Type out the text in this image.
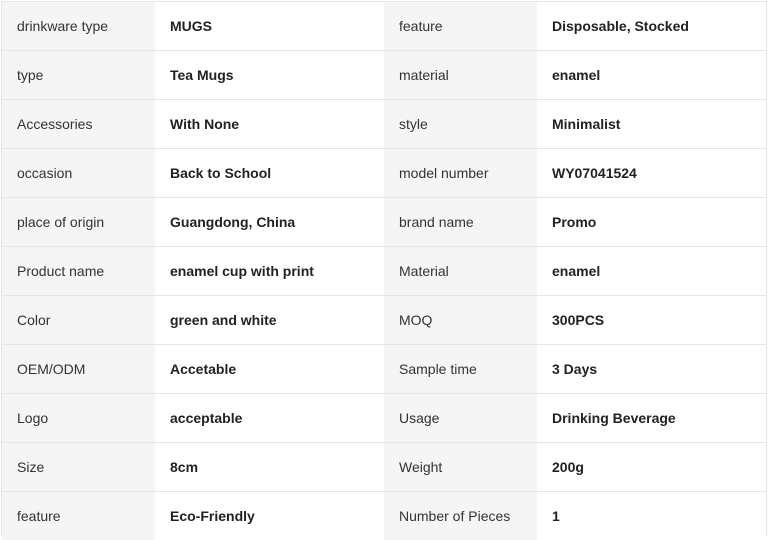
drinkware type	MUGS	feature	Disposable, Stocked
type	Tea Mugs	material	enamel
Accessories	With None	style	Minimalist
occasion	Back to School	model number	WY07041524
place of origin	Guangdong, China	brand name	Promo
Product name	enamel cup with print	Material	enamel
Color	green and white	MOQ	300PCS
OEM/ODM	Accetable	Sample time	3 Days
Logo	acceptable	Usage	Drinking Beverage
Size	8cm	Weight	200g
feature	Eco-Friendly	Number of Pieces	1
